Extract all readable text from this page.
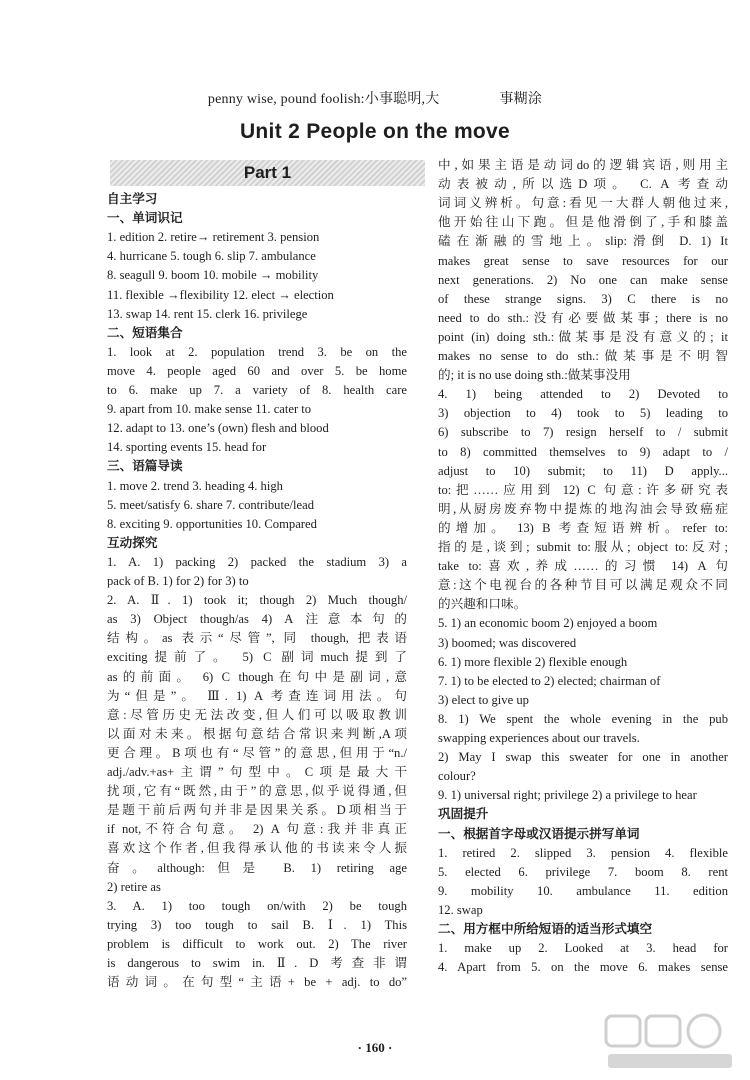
penny wise, pound foolish:小事聪明,大	事糊涂
Unit 2 People on the move
Part 1
自主学习
一、单词识记
1. edition 2. retire→ retirement 3. pension
4. hurricane 5. tough 6. slip 7. ambulance
8. seagull 9. boom 10. mobile → mobility
11. flexible →flexibility 12. elect → election
13. swap 14. rent 15. clerk 16. privilege
二、短语集合
1. look at 2. population trend 3. be on the
move 4. people aged 60 and over 5. be home
to 6. make up 7. a variety of 8. health care
9. apart from 10. make sense 11. cater to
12. adapt to 13. one’s (own) flesh and blood
14. sporting events 15. head for
三、语篇导读
1. move 2. trend 3. heading 4. high
5. meet/satisfy 6. share 7. contribute/lead
8. exciting 9. opportunities 10. Compared
互动探究
1. A. 1) packing 2) packed the stadium 3) a
pack of B. 1) for 2) for 3) to
2. A. Ⅱ. 1) took it; though 2) Much though/
as 3) Object though/as 4) A 注意本句的
结构。as 表示“尽管”, 同 though, 把表语
exciting提前了。 5) C 副词much提到了
as的前面。 6) C though在句中是副词,意
为“但是”。 Ⅲ. 1) A 考查连词用法。句
意:尽管历史无法改变,但人们可以吸取教训
以面对未来。根据句意结合常识来判断,A项
更合理。B项也有“尽管”的意思,但用于“n./
adj./adv.+as+主谓”句型中。C项是最大干
扰项,它有“既然,由于”的意思,似乎说得通,但
是题干前后两句并非是因果关系。D项相当于
if not,不符合句意。 2) A 句意:我并非真正
喜欢这个作者,但我得承认他的书读来令人振
奋。although:但是 B. 1) retiring age
2) retire as
3. A. 1) too tough on/with 2) be tough
trying 3) too tough to sail B. Ⅰ. 1) This
problem is difficult to work out. 2) The river
is dangerous to swim in. Ⅱ. D 考查非谓
语动词。在句型“主语+ be + adj. to do”
中,如果主语是动词do的逻辑宾语,则用主
动表被动,所以选D项。 C. A 考查动
词词义辨析。句意:看见一大群人朝他过来,
他开始往山下跑。但是他滑倒了,手和膝盖
磕在渐融的雪地上。slip:滑倒 D. 1) It
makes great sense to save resources for our
next generations. 2) No one can make sense
of these strange signs. 3) C there is no
need to do sth.:没有必要做某事; there is no
point (in) doing sth.:做某事是没有意义的; it
makes no sense to do sth.:做某事是不明智
的; it is no use doing sth.:做某事没用
4. 1) being attended to 2) Devoted to
3) objection to 4) took to 5) leading to
6) subscribe to 7) resign herself to / submit
to 8) committed themselves to 9) adapt to /
adjust to 10) submit; to 11) D apply...
to:把……应用到 12) C 句意:许多研究表
明,从厨房废弃物中提炼的地沟油会导致癌症
的增加。 13) B 考查短语辨析。refer to:
指的是,谈到; submit to:服从; object to:反对;
take to:喜欢,养成……的习惯 14) A 句
意:这个电视台的各种节目可以满足观众不同
的兴趣和口味。
5. 1) an economic boom 2) enjoyed a boom
3) boomed; was discovered
6. 1) more flexible 2) flexible enough
7. 1) to be elected to 2) elected; chairman of
3) elect to give up
8. 1) We spent the whole evening in the pub
swapping experiences about our travels.
2) May I swap this sweater for one in another
colour?
9. 1) universal right; privilege 2) a privilege to hear
巩固提升
一、根据首字母或汉语提示拼写单词
1. retired 2. slipped 3. pension 4. flexible
5. elected 6. privilege 7. boom 8. rent
9. mobility 10. ambulance 11. edition
12. swap
二、用方框中所给短语的适当形式填空
1. make up 2. Looked at 3. head for
4. Apart from 5. on the move 6. makes sense
· 160 ·
